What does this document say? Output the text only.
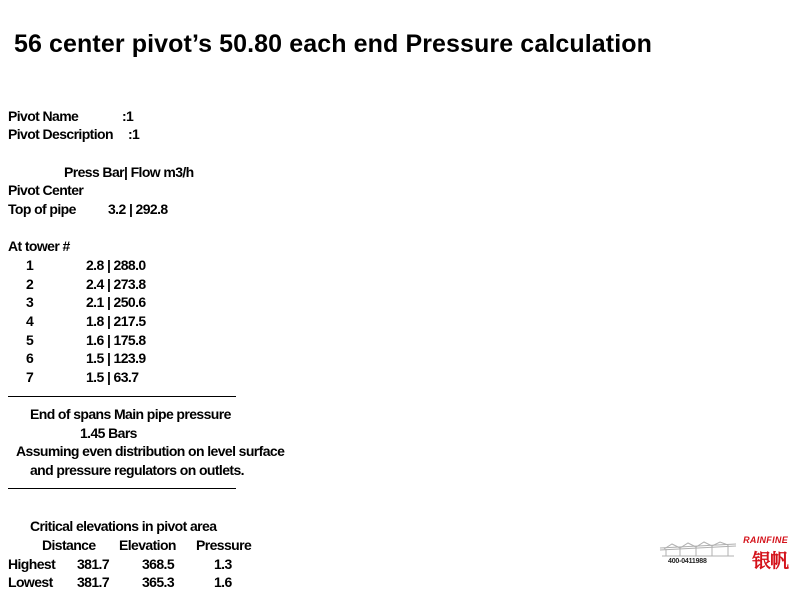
56 center pivot’s 50.80 each end Pressure calculation
Pivot Name	:1
Pivot Description :1
Press Bar| Flow m3/h
Pivot Center
Top of pipe 3.2 | 292.8
At tower #
1	2.8 | 288.0
2	2.4 | 273.8
3	2.1 | 250.6
4	1.8 | 217.5
5	1.6 | 175.8
6	1.5 | 123.9
7	1.5 | 63.7
End of spans Main pipe pressure
1.45 Bars
Assuming even distribution on level surface
and pressure regulators on outlets.
Critical elevations in pivot area
Distance Elevation Pressure
Highest 381.7 368.5	1.3
Lowest 381.7 365.3	1.6
RAINFINE
400-0411988 银帆
